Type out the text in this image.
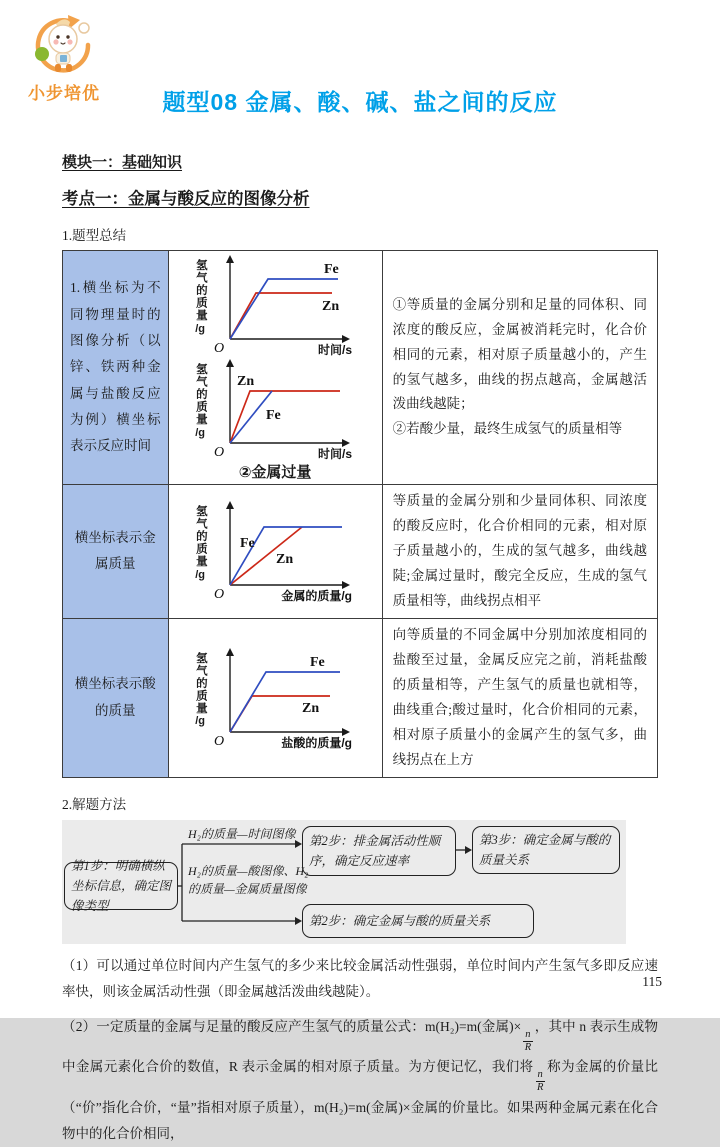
小步培优	题型08 金属、酸、碱、盐之间的反应
模块一：基础知识
考点一：金属与酸反应的图像分析
1.题型总结
1.横坐标为不同物理量时的图像分析（以锌、铁两种金属与盐酸反应为例）横坐标表示反应时间

氢气的质量
/g
Fe
Zn
O	时间/s
氢气的质量
/g
Zn
Fe
O	时间/s
②金属过量

①等质量的金属分别和足量的同体积、同浓度的酸反应，金属被消耗完时，化合价相同的元素，相对原子质量越小的，产生的氢气越多，曲线的拐点越高，金属越活泼曲线越陡；
②若酸少量，最终生成氢气的质量相等

横坐标表示金属质量	氢气的质量
/g
Fe
Zn
O	金属的质量/g

等质量的金属分别和少量同体积、同浓度的酸反应时，化合价相同的元素，相对原子质量越小的，生成的氢气越多，曲线越陡;金属过量时，酸完全反应，生成的氢气质量相等，曲线拐点相平

横坐标表示酸的质量	氢气的质量
/g
Fe
Zn
O	盐酸的质量/g

向等质量的不同金属中分别加浓度相同的盐酸至过量，金属反应完之前，消耗盐酸的质量相等，产生氢气的质量也就相等，曲线重合;酸过量时，化合价相同的元素，相对原子质量小的金属产生的氢气多，曲线拐点在上方
2.解题方法
第1步：明确横纵坐标信息，确定图像类型
H₂的质量—时间图像	第2步：排金属活动性顺序，确定反应速率
第3步：确定金属与酸的质量关系
H₂的质量—酸图像、H₂的质量—金属质量图像
第2步：确定金属与酸的质量关系

（1）可以通过单位时间内产生氢气的多少来比较金属活动性强弱，单位时间内产生氢气多即反应速率快，则该金属活动性强（即金属越活泼曲线越陡）。

（2）一定质量的金属与足量的酸反应产生氢气的质量公式：m(H₂)=m(金属)×
$\frac{n}{R}$
，其中 n 表示生成物中金属元素化合价的数值，R 表示金属的相对原子质量。为方便记忆，我们将
$\frac{n}{R}$
称为金属的价量比（“价”指化合价，“量”指相对原子质量），m(H₂)=m(金属)×金属的价量比。如果两种金属元素在化合物中的化合价相同，

115
